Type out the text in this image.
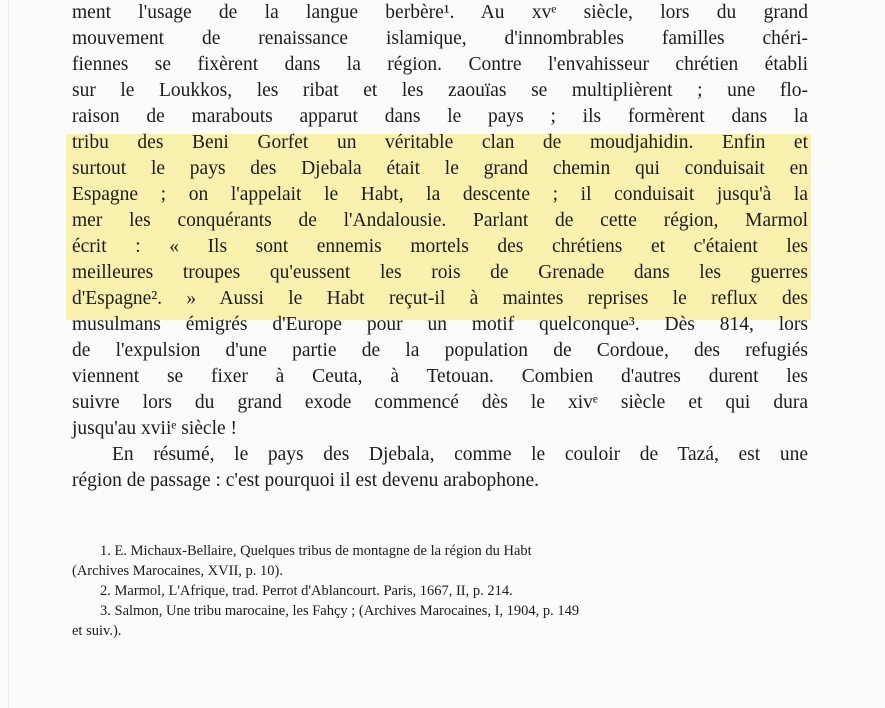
ment l'usage de la langue berbère¹. Au xvᵉ siècle, lors du grand
mouvement de renaissance islamique, d'innombrables familles chéri-
fiennes se fixèrent dans la région. Contre l'envahisseur chrétien établi
sur le Loukkos, les ribat et les zaouïas se multiplièrent ; une flo-
raison de marabouts apparut dans le pays ; ils formèrent dans la
tribu des Beni Gorfet un véritable clan de moudjahidin. Enfin et
surtout le pays des Djebala était le grand chemin qui conduisait en
Espagne ; on l'appelait le Habt, la descente ; il conduisait jusqu'à la
mer les conquérants de l'Andalousie. Parlant de cette région, Marmol
écrit : « Ils sont ennemis mortels des chrétiens et c'étaient les
meilleures troupes qu'eussent les rois de Grenade dans les guerres
d'Espagne². » Aussi le Habt reçut-il à maintes reprises le reflux des
musulmans émigrés d'Europe pour un motif quelconque³. Dès 814, lors
de l'expulsion d'une partie de la population de Cordoue, des refugiés
viennent se fixer à Ceuta, à Tetouan. Combien d'autres durent les
suivre lors du grand exode commencé dès le xivᵉ siècle et qui dura
jusqu'au xviiᵉ siècle !
En résumé, le pays des Djebala, comme le couloir de Tazá, est une
région de passage : c'est pourquoi il est devenu arabophone.
1. E. Michaux-Bellaire, Quelques tribus de montagne de la région du Habt
(Archives Marocaines, XVII, p. 10).
2. Marmol, L'Afrique, trad. Perrot d'Ablancourt. Paris, 1667, II, p. 214.
3. Salmon, Une tribu marocaine, les Fahçy ; (Archives Marocaines, I, 1904, p. 149
et suiv.).
